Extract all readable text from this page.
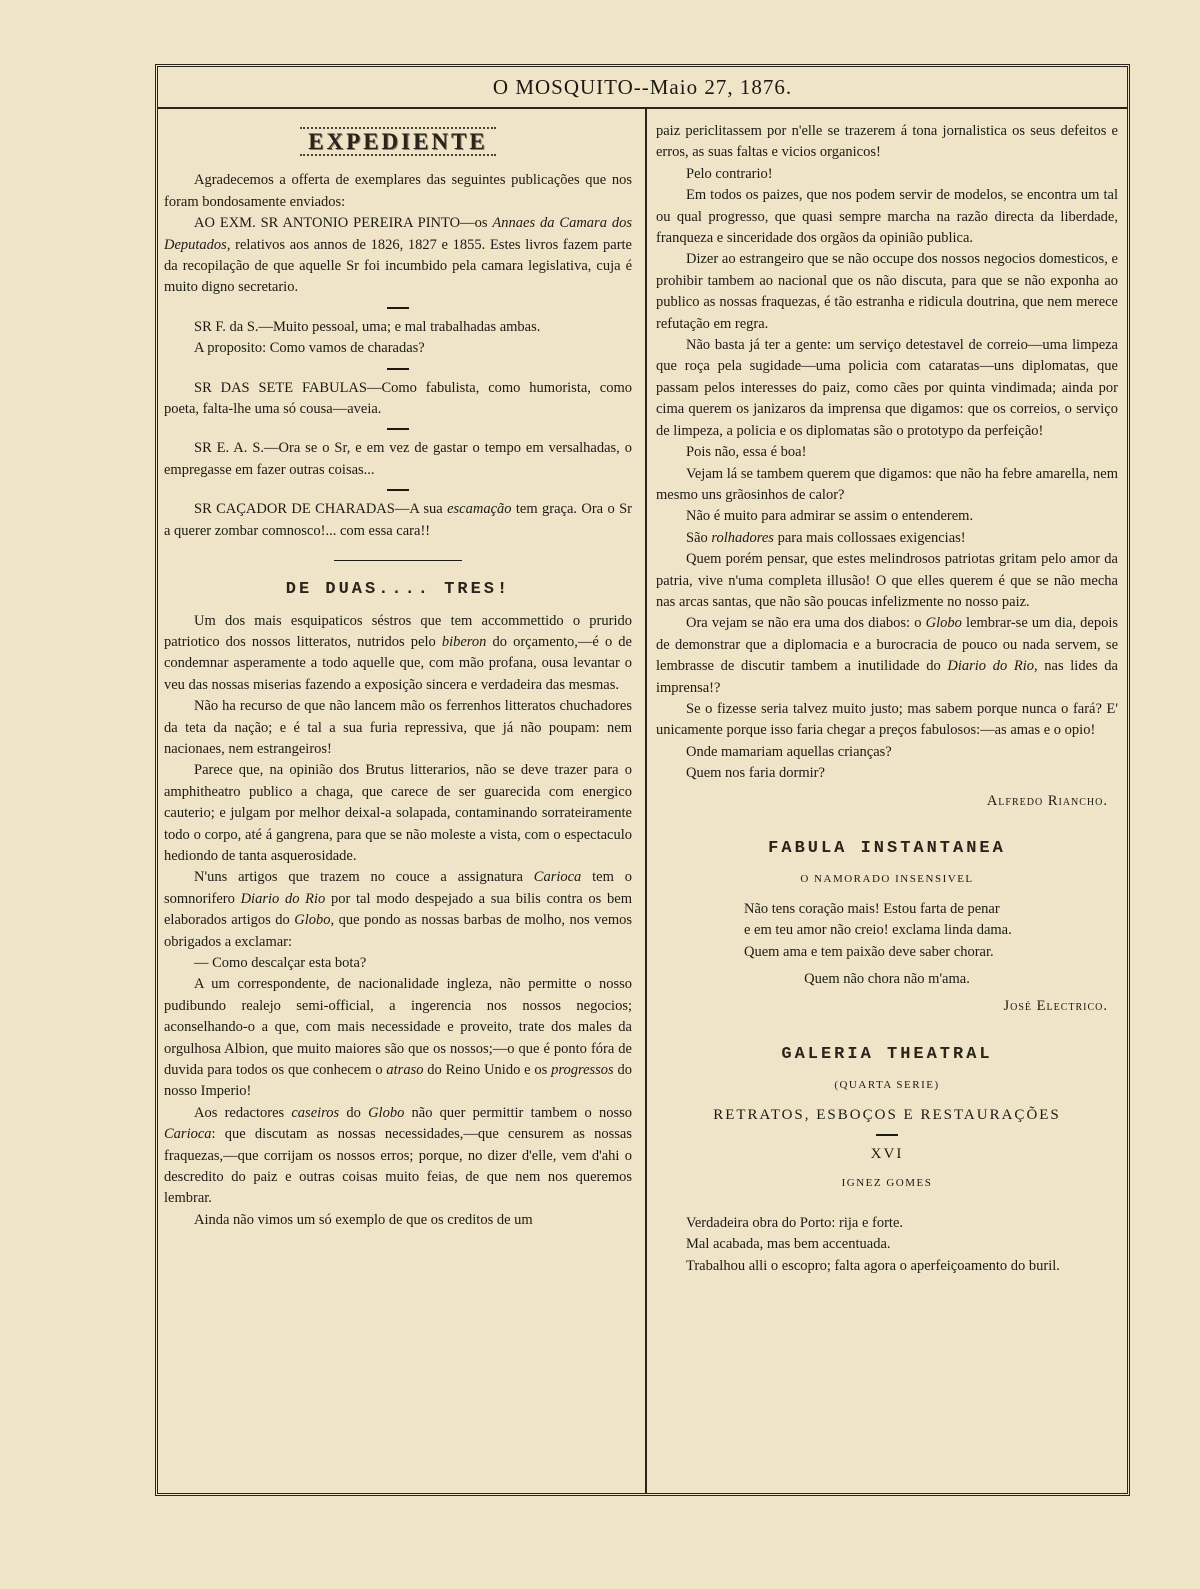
O MOSQUITO--Maio 27, 1876.
EXPEDIENTE

Agradecemos a offerta de exemplares das seguintes publicações que nos foram bondosamente enviados:

AO EXM. SR ANTONIO PEREIRA PINTO—os Annaes da Camara dos Deputados, relativos aos annos de 1826, 1827 e 1855. Estes livros fazem parte da recopilação de que aquelle Sr foi incumbido pela camara legislativa, cuja é muito digno secretario.

SR F. da S.—Muito pessoal, uma; e mal trabalhadas ambas.

A proposito: Como vamos de charadas?

SR DAS SETE FABULAS—Como fabulista, como humorista, como poeta, falta-lhe uma só cousa—aveia.

SR E. A. S.—Ora se o Sr, e em vez de gastar o tempo em versalhadas, o empregasse em fazer outras coisas...

SR CAÇADOR DE CHARADAS—A sua escamação tem graça. Ora o Sr a querer zombar comnosco!... com essa cara!!

DE DUAS.... TRES!

Um dos mais esquipaticos séstros que tem accommettido o prurido patriotico dos nossos litteratos, nutridos pelo biberon do orçamento,—é o de condemnar asperamente a todo aquelle que, com mão profana, ousa levantar o veu das nossas miserias fazendo a exposição sincera e verdadeira das mesmas.

Não ha recurso de que não lancem mão os ferrenhos litteratos chuchadores da teta da nação; e é tal a sua furia repressiva, que já não poupam: nem nacionaes, nem estrangeiros!

Parece que, na opinião dos Brutus litterarios, não se deve trazer para o amphitheatro publico a chaga, que carece de ser guarecida com energico cauterio; e julgam por melhor deixal-a solapada, contaminando sorrateiramente todo o corpo, até á gangrena, para que se não moleste a vista, com o espectaculo hediondo de tanta asquerosidade.

N'uns artigos que trazem no couce a assignatura Carioca tem o somnorifero Diario do Rio por tal modo despejado a sua bilis contra os bem elaborados artigos do Globo, que pondo as nossas barbas de molho, nos vemos obrigados a exclamar:

— Como descalçar esta bota?

A um correspondente, de nacionalidade ingleza, não permitte o nosso pudibundo realejo semi-official, a ingerencia nos nossos negocios; aconselhando-o a que, com mais necessidade e proveito, trate dos males da orgulhosa Albion, que muito maiores são que os nossos;—o que é ponto fóra de duvida para todos os que conhecem o atraso do Reino Unido e os progressos do nosso Imperio!

Aos redactores caseiros do Globo não quer permittir tambem o nosso Carioca: que discutam as nossas necessidades,—que censurem as nossas fraquezas,—que corrijam os nossos erros; porque, no dizer d'elle, vem d'ahi o descredito do paiz e outras coisas muito feias, de que nem nos queremos lembrar.

Ainda não vimos um só exemplo de que os creditos de um

paiz periclitassem por n'elle se trazerem á tona jornalistica os seus defeitos e erros, as suas faltas e vicios organicos!

Pelo contrario!

Em todos os paizes, que nos podem servir de modelos, se encontra um tal ou qual progresso, que quasi sempre marcha na razão directa da liberdade, franqueza e sinceridade dos orgãos da opinião publica.

Dizer ao estrangeiro que se não occupe dos nossos negocios domesticos, e prohibir tambem ao nacional que os não discuta, para que se não exponha ao publico as nossas fraquezas, é tão estranha e ridicula doutrina, que nem merece refutação em regra.

Não basta já ter a gente: um serviço detestavel de correio—uma limpeza que roça pela sugidade—uma policia com cataratas—uns diplomatas, que passam pelos interesses do paiz, como cães por quinta vindimada; ainda por cima querem os janizaros da imprensa que digamos: que os correios, o serviço de limpeza, a policia e os diplomatas são o prototypo da perfeição!

Pois não, essa é boa!

Vejam lá se tambem querem que digamos: que não ha febre amarella, nem mesmo uns grãosinhos de calor?

Não é muito para admirar se assim o entenderem.

São rolhadores para mais collossaes exigencias!

Quem porém pensar, que estes melindrosos patriotas gritam pelo amor da patria, vive n'uma completa illusão! O que elles querem é que se não mecha nas arcas santas, que não são poucas infelizmente no nosso paiz.

Ora vejam se não era uma dos diabos: o Globo lembrar-se um dia, depois de demonstrar que a diplomacia e a burocracia de pouco ou nada servem, se lembrasse de discutir tambem a inutilidade do Diario do Rio, nas lides da imprensa!?

Se o fizesse seria talvez muito justo; mas sabem porque nunca o fará? E' unicamente porque isso faria chegar a preços fabulosos:—as amas e o opio!

Onde mamariam aquellas crianças?

Quem nos faria dormir?

Alfredo Riancho.
FABULA INSTANTANEA
O NAMORADO INSENSIVEL

Não tens coração mais! Estou farta de penar

e em teu amor não creio! exclama linda dama.

Quem ama e tem paixão deve saber chorar.

Quem não chora não m'ama.

José Electrico.
GALERIA THEATRAL
(QUARTA SERIE)
RETRATOS, ESBOÇOS E RESTAURAÇÕES
XVI
IGNEZ GOMES

Verdadeira obra do Porto: rija e forte.

Mal acabada, mas bem accentuada.

Trabalhou alli o escopro; falta agora o aperfeiçoamento do buril.
